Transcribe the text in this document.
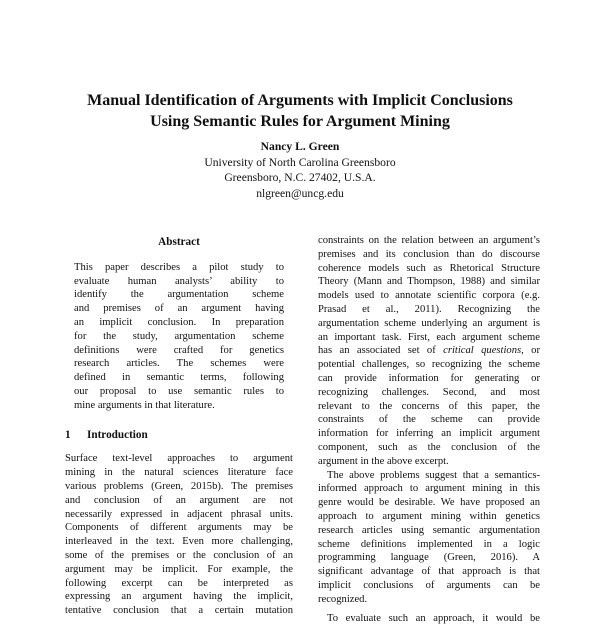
Manual Identification of Arguments with Implicit Conclusions
Using Semantic Rules for Argument Mining
Nancy L. Green
University of North Carolina Greensboro
Greensboro, N.C. 27402, U.S.A.
nlgreen@uncg.edu
Abstract
This paper describes a pilot study to
evaluate human analysts’ ability to
identify the argumentation scheme
and premises of an argument having
an implicit conclusion. In preparation
for the study, argumentation scheme
definitions were crafted for genetics
research articles. The schemes were
defined in semantic terms, following
our proposal to use semantic rules to
mine arguments in that literature.
1 Introduction
Surface text-level approaches to argument
mining in the natural sciences literature face
various problems (Green, 2015b). The premises
and conclusion of an argument are not
necessarily expressed in adjacent phrasal units.
Components of different arguments may be
interleaved in the text. Even more challenging,
some of the premises or the conclusion of an
argument may be implicit. For example, the
following excerpt can be interpreted as
expressing an argument having the implicit,
tentative conclusion that a certain mutation
constraints on the relation between an argument’s
premises and its conclusion than do discourse
coherence models such as Rhetorical Structure
Theory (Mann and Thompson, 1988) and similar
models used to annotate scientific corpora (e.g.
Prasad et al., 2011). Recognizing the
argumentation scheme underlying an argument is
an important task. First, each argument scheme
has an associated set of critical questions, or
potential challenges, so recognizing the scheme
can provide information for generating or
recognizing challenges. Second, and most
relevant to the concerns of this paper, the
constraints of the scheme can provide
information for inferring an implicit argument
component, such as the conclusion of the
argument in the above excerpt.
The above problems suggest that a semantics-
informed approach to argument mining in this
genre would be desirable. We have proposed an
approach to argument mining within genetics
research articles using semantic argumentation
scheme definitions implemented in a logic
programming language (Green, 2016). A
significant advantage of that approach is that
implicit conclusions of arguments can be
recognized.
To evaluate such an approach, it would be
